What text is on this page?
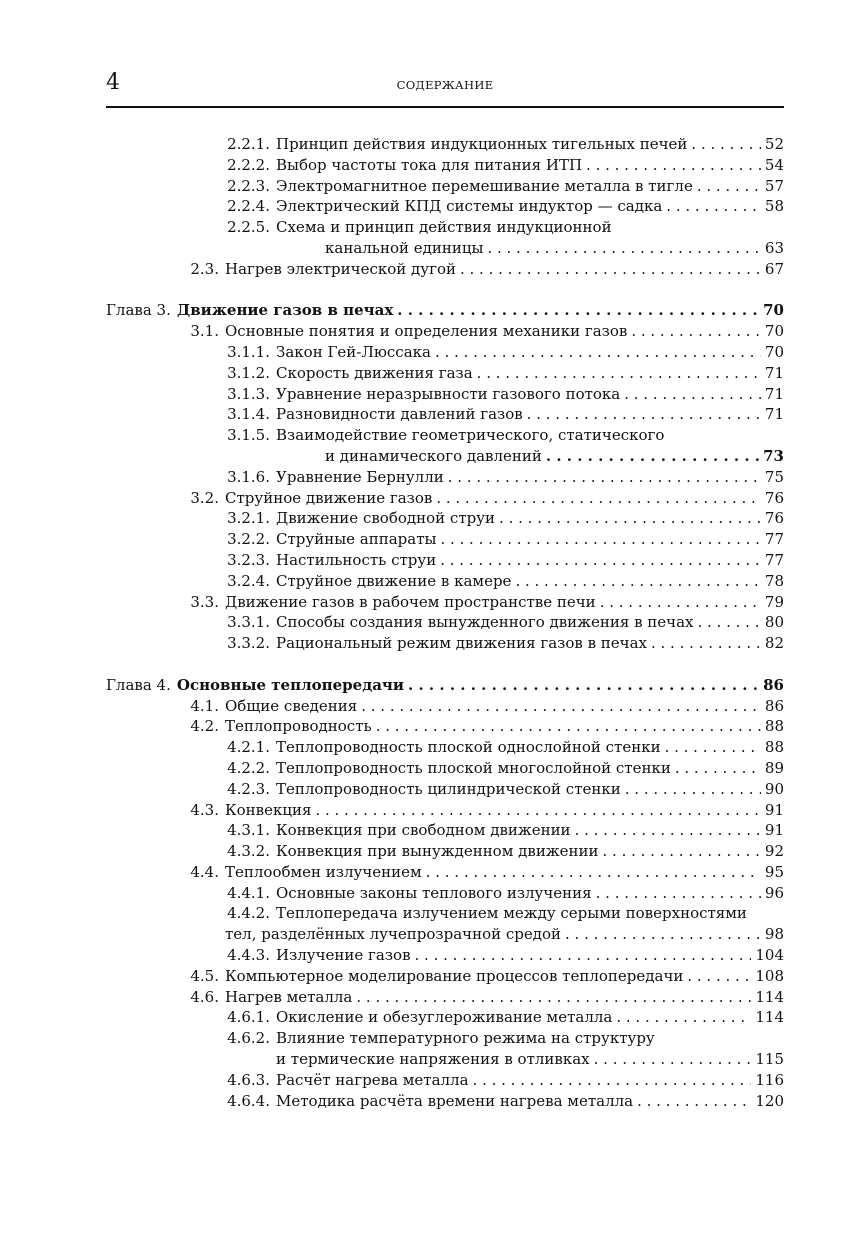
4	СОДЕРЖАНИЕ
2.2.1. Принцип действия индукционных тигельных печей . . .	52
2.2.2. Выбор частоты тока для питания ИТП . . .	54
2.2.3. Электромагнитное перемешивание металла в тигле . . .	57
2.2.4. Электрический КПД системы индуктор — садка . . .	58
2.2.5. Схема и принцип действия индукционной
канальной единицы . . .	63
2.3. Нагрев электрической дугой . . .	67
Глава 3. Движение газов в печах . . .	70
3.1. Основные понятия и определения механики газов . . .	70
3.1.1. Закон Гей-Люссака . . .	70
3.1.2. Скорость движения газа . . .	71
3.1.3. Уравнение неразрывности газового потока . . .	71
3.1.4. Разновидности давлений газов . . .	71
3.1.5. Взаимодействие геометрического, статического
и динамического давлений . . .	73
3.1.6. Уравнение Бернулли . . .	75
3.2. Струйное движение газов . . .	76
3.2.1. Движение свободной струи . . .	76
3.2.2. Струйные аппараты . . .	77
3.2.3. Настильность струи . . .	77
3.2.4. Струйное движение в камере . . .	78
3.3. Движение газов в рабочем пространстве печи . . .	79
3.3.1. Способы создания вынужденного движения в печах . . .	80
3.3.2. Рациональный режим движения газов в печах . . .	82
Глава 4. Основные теплопередачи . . .	86
4.1. Общие сведения . . .	86
4.2. Теплопроводность . . .	88
4.2.1. Теплопроводность плоской однослойной стенки . . .	88
4.2.2. Теплопроводность плоской многослойной стенки . . .	89
4.2.3. Теплопроводность цилиндрической стенки . . .	90
4.3. Конвекция . . .	91
4.3.1. Конвекция при свободном движении . . .	91
4.3.2. Конвекция при вынужденном движении . . .	92
4.4. Теплообмен излучением . . .	95
4.4.1. Основные законы теплового излучения . . .	96
4.4.2. Теплопередача излучением между серыми поверхностями
тел, разделённых лучепрозрачной средой . . .	98
4.4.3. Излучение газов . . .	104
4.5. Компьютерное моделирование процессов теплопередачи . . .	108
4.6. Нагрев металла . . .	114
4.6.1. Окисление и обезуглероживание металла . . .	114
4.6.2. Влияние температурного режима на структуру
и термические напряжения в отливках . . .	115
4.6.3. Расчёт нагрева металла . . .	116
4.6.4. Методика расчёта времени нагрева металла . . .	120
